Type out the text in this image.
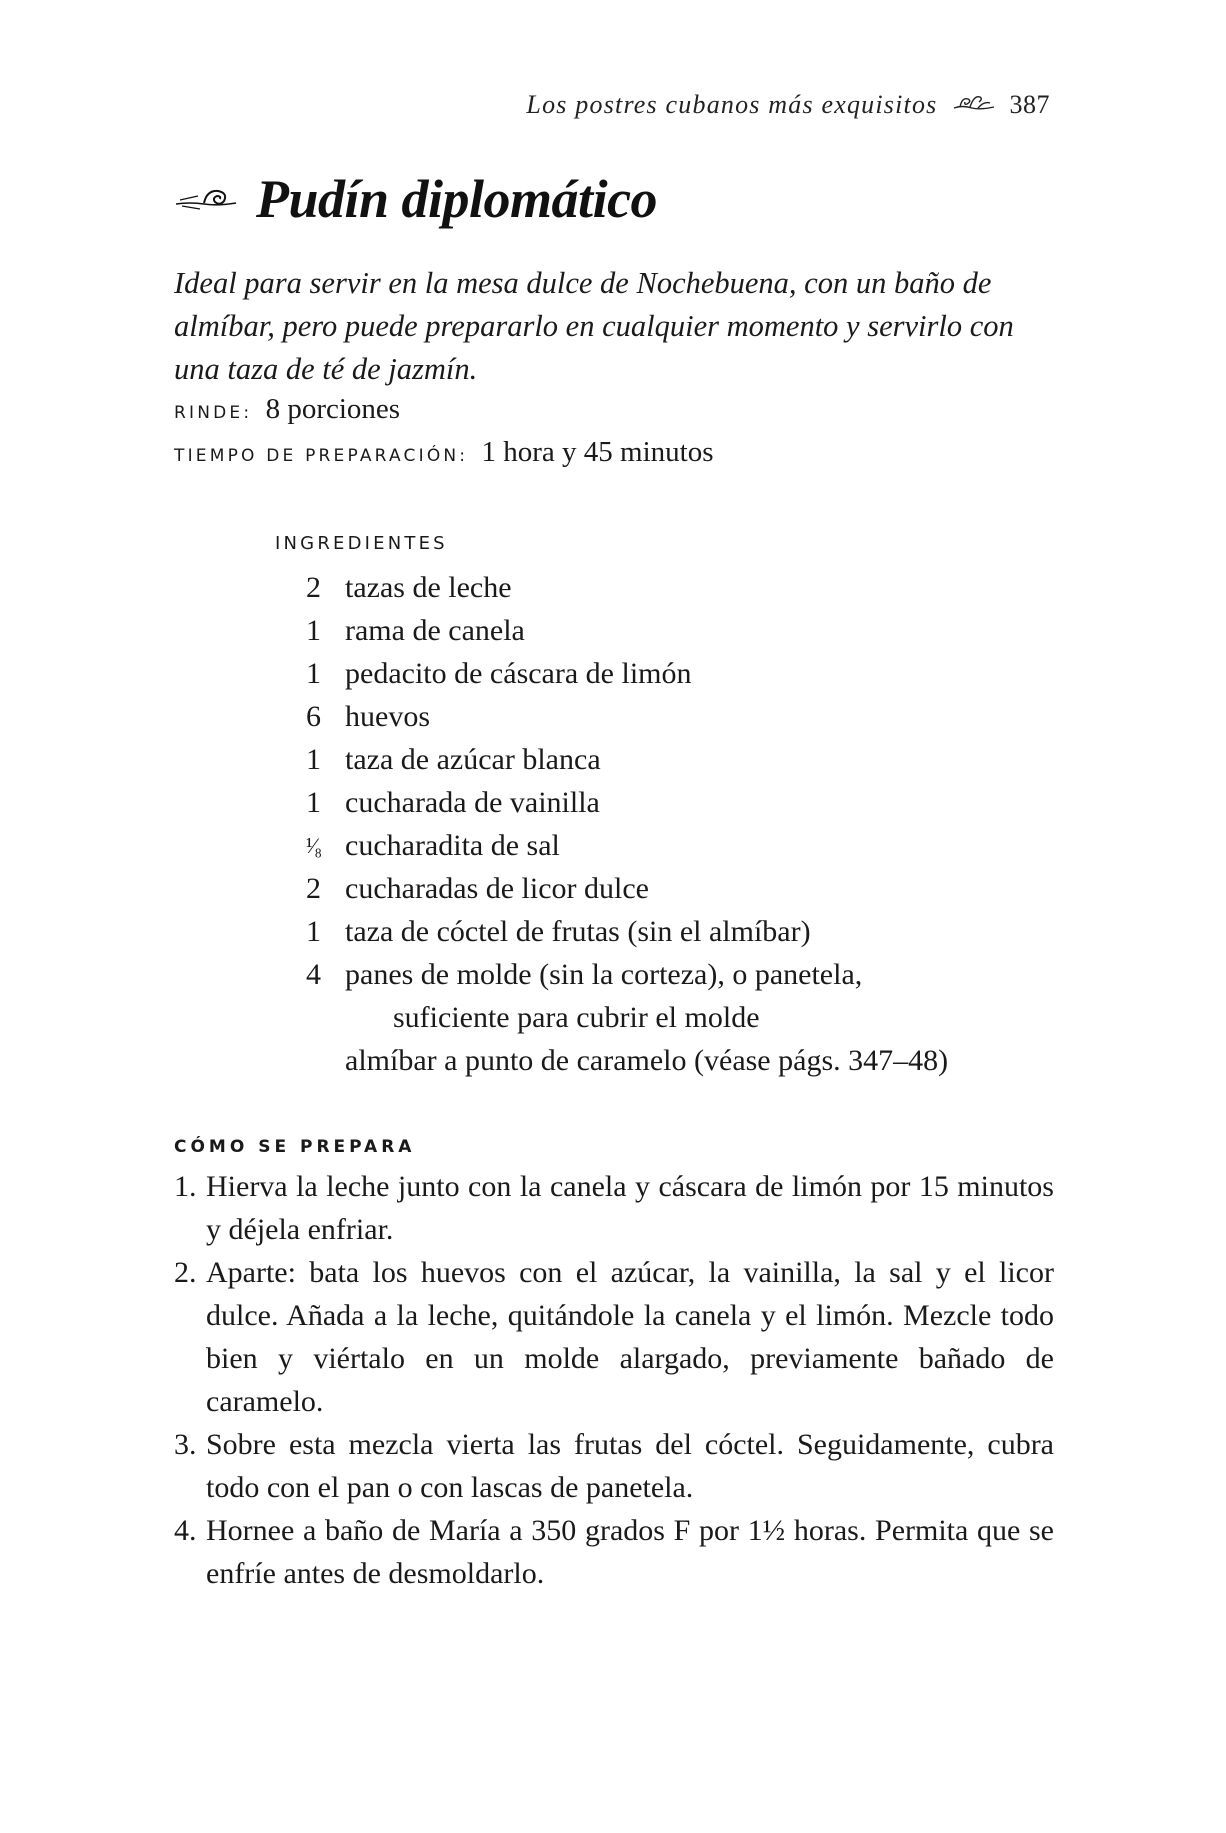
Los postres cubanos más exquisitos	387
Pudín diplomático
Ideal para servir en la mesa dulce de Nochebuena, con un baño de almíbar, pero puede prepararlo en cualquier momento y servirlo con una taza de té de jazmín.
RINDE: 8 porciones
TIEMPO DE PREPARACIÓN: 1 hora y 45 minutos
INGREDIENTES
2 tazas de leche
1 rama de canela
1 pedacito de cáscara de limón
6 huevos
1 taza de azúcar blanca
1 cucharada de vainilla
¹⁄₈ cucharadita de sal
2 cucharadas de licor dulce
1 taza de cóctel de frutas (sin el almíbar)
4 panes de molde (sin la corteza), o panetela,
suficiente para cubrir el molde
almíbar a punto de caramelo (véase págs. 347–48)
CÓMO SE PREPARA
1. Hierva la leche junto con la canela y cáscara de limón por 15 minutos y déjela enfriar.
2. Aparte: bata los huevos con el azúcar, la vainilla, la sal y el licor dulce. Añada a la leche, quitándole la canela y el limón. Mezcle todo bien y viértalo en un molde alargado, previamente bañado de caramelo.
3. Sobre esta mezcla vierta las frutas del cóctel. Seguidamente, cubra todo con el pan o con lascas de panetela.
4. Hornee a baño de María a 350 grados F por 1½ horas. Permita que se enfríe antes de desmoldarlo.
